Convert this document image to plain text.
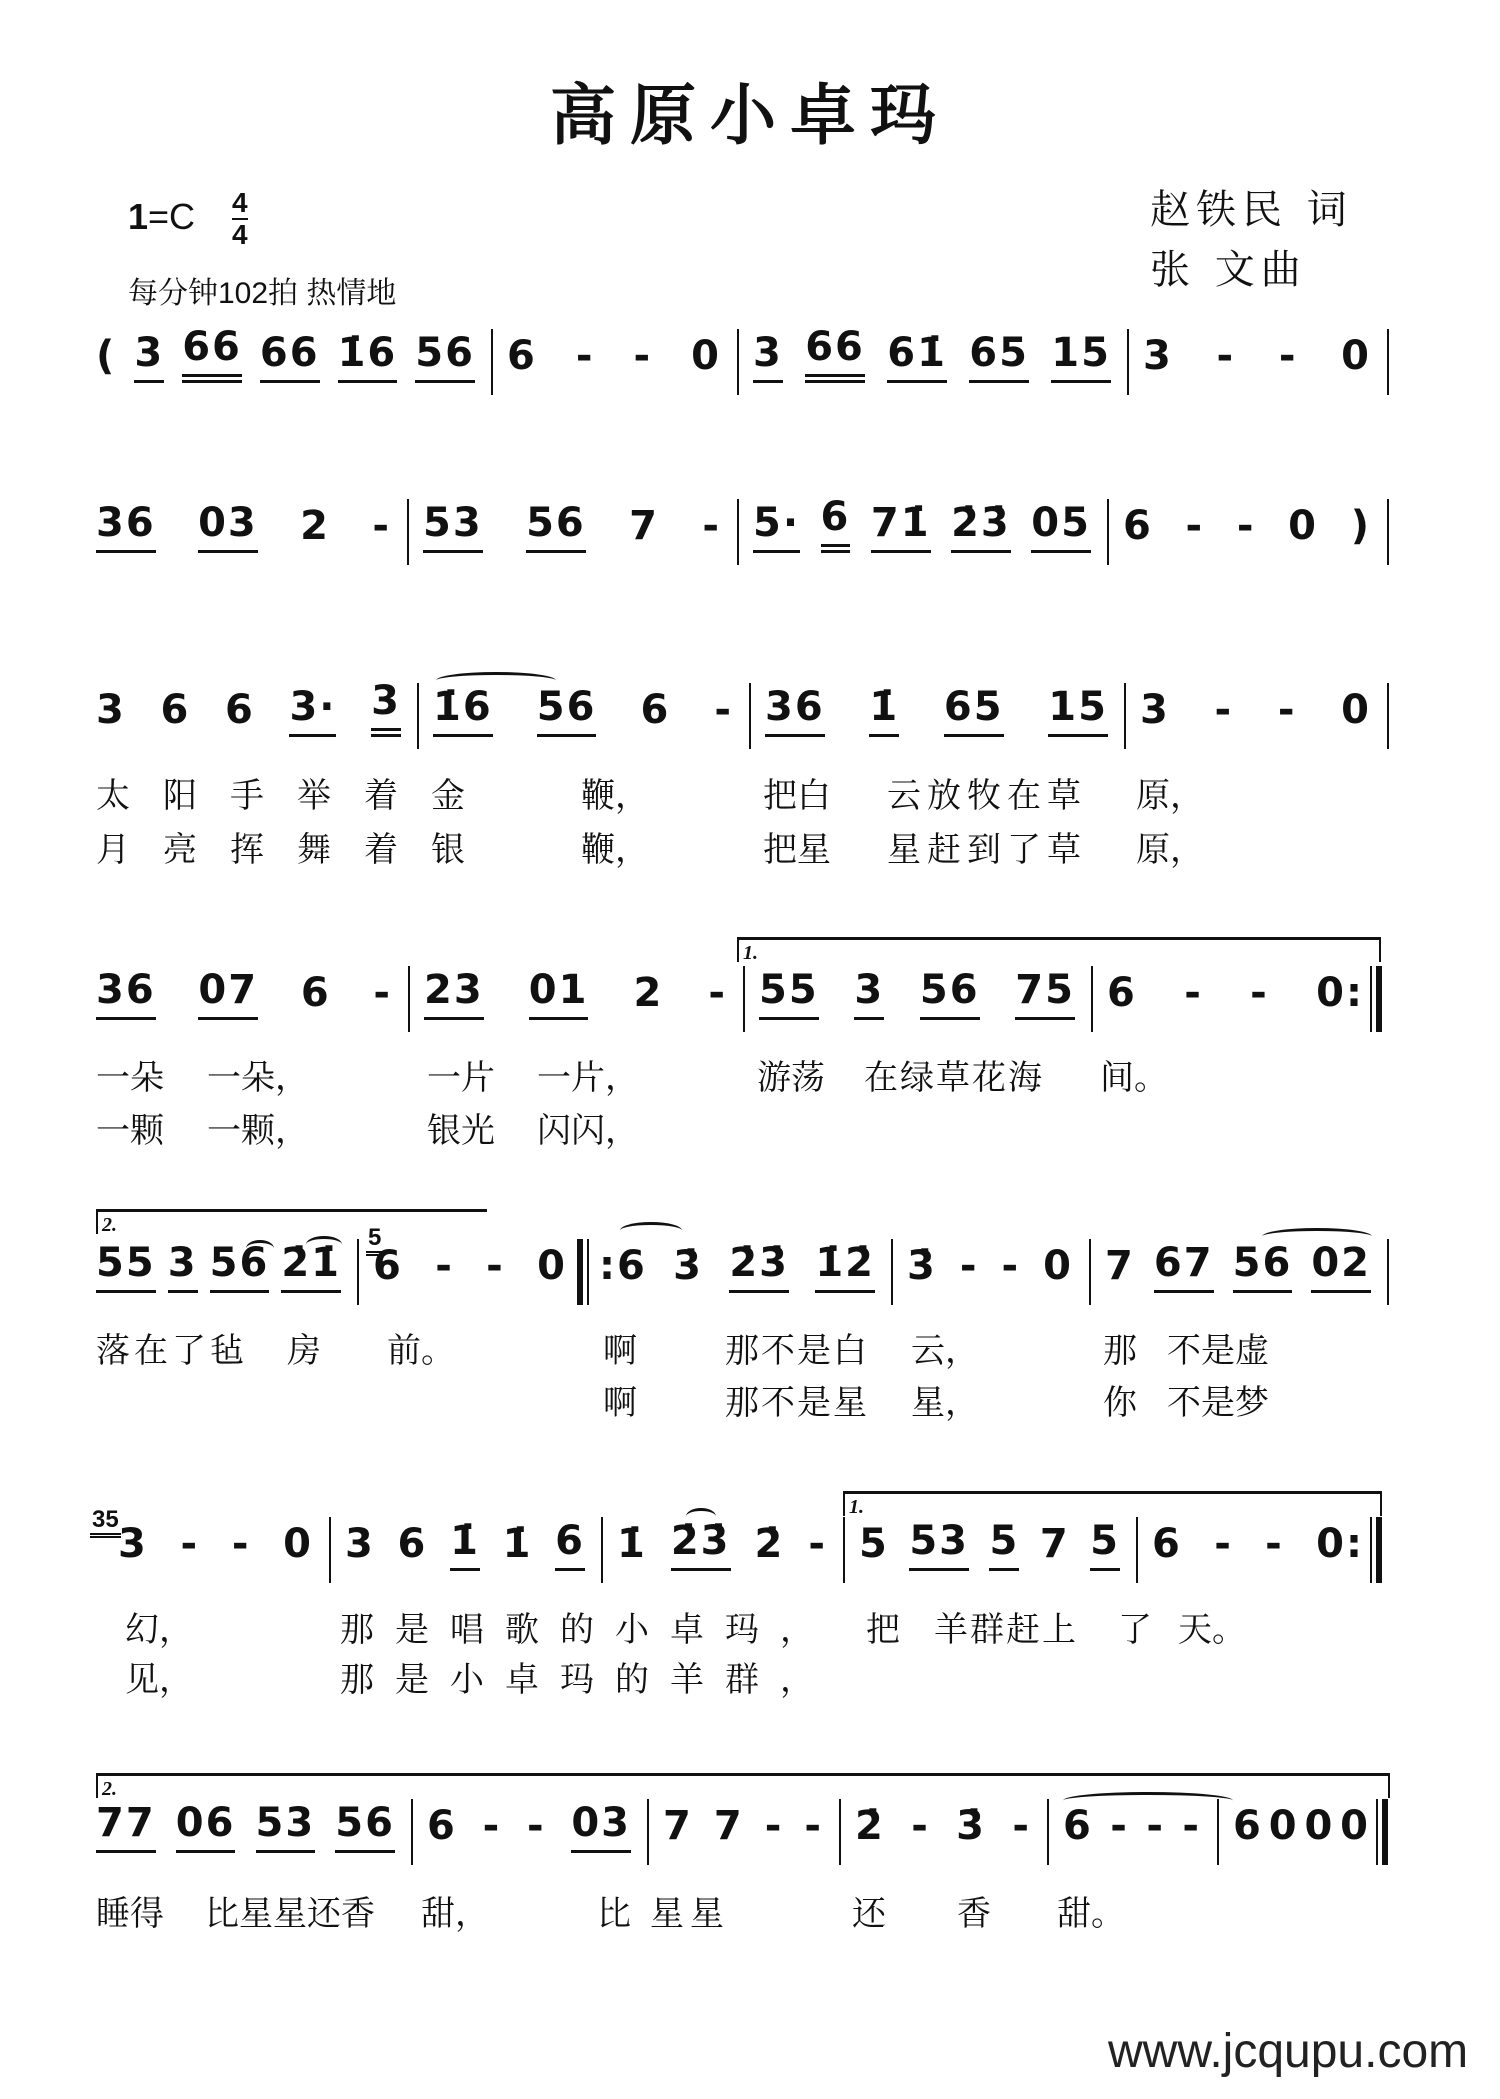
高原小卓玛
1=C 4
4
每分钟102拍 热情地
赵铁民 词
张 文曲
( 3 66 66 1̇6 56 6 - - 0 3 66 61̇ 65 15 3 - - 0
36 03 2 - 53 56 7 - 5· 6 71̇ 2̇3̇ 05 6 - - 0 )
3 6 6 3· 3 1̇6 56 6 - 36 1̇ 65 15 3 - - 0
36 07 6 - 23 01 2 - 55 3 56 75 6 - - 0:
55 3 56 2̇1̇ 6 - - 0 :6 3̇ 2̇3̇ 1̇2̇ 3̇ - - 0 7 67 56 02
3 - - 0 3 6 1̇ 1̇ 6 1̇ 2̇3̇ 2̇ - 5 53 5 7 5 6 - - 0:
77 06 53 56 6 - - 03 7 7 - - 2̇ - 3̇ - 6 - - - 6 0 0 0
1.
2.
1.
2.
5
35
太阳手举着金 鞭，	把白 云放牧在草 原，
月亮挥舞着银 鞭，	把星 星赶到了草 原，
一朵 一朵，	一片 一片，	游荡 在绿草花海 间。
一颗 一颗，	银光 闪闪，
落在了毡 房 前。	啊	那不是白 云，	那 不是虚
啊	那不是星 星，	你 不是梦
幻，	那是唱歌的小卓玛， 把 羊群赶上 了 天。
见，	那是小卓玛的羊群，
睡得 比星星还香 甜，	比 星星	还 香 甜。
www.jcqupu.com
